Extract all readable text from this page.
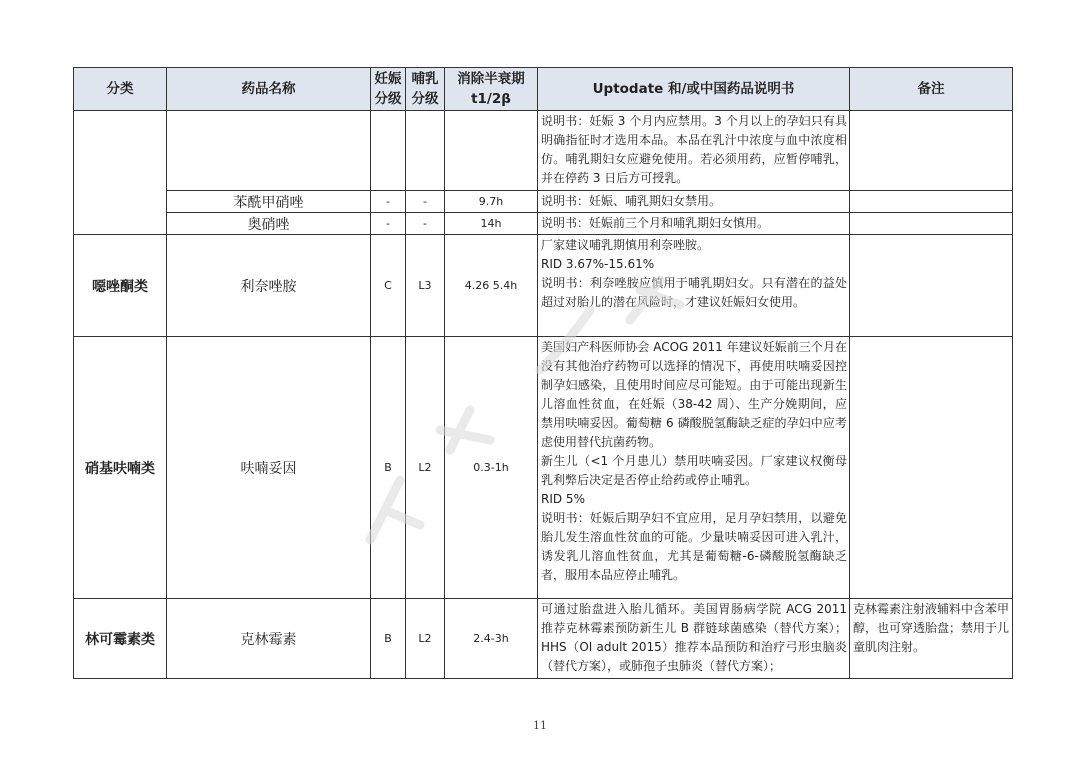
分类	药品名称	妊娠分级	哺乳分级	消除半衰期
t1/2β	Uptodate 和/或中国药品说明书	备注

					说明书：妊娠 3 个月内应禁用。3 个月以上的孕妇只有具明确指征时才选用本品。本品在乳汁中浓度与血中浓度相仿。哺乳期妇女应避免使用。若必须用药，应暂停哺乳，并在停药 3 日后方可授乳。	

	苯酰甲硝唑	-	-	9.7h	说明书：妊娠、哺乳期妇女禁用。	

	奥硝唑	-	-	14h	说明书：妊娠前三个月和哺乳期妇女慎用。	

噁唑酮类	利奈唑胺	C	L3	4.26 5.4h	厂家建议哺乳期慎用利奈唑胺。

RID 3.67%-15.61%

说明书：利奈唑胺应慎用于哺乳期妇女。只有潜在的益处超过对胎儿的潜在风险时，才建议妊娠妇女使用。	

硝基呋喃类	呋喃妥因	B	L2	0.3-1h	美国妇产科医师协会 ACOG 2011 年建议妊娠前三个月在没有其他治疗药物可以选择的情况下，再使用呋喃妥因控制孕妇感染，且使用时间应尽可能短。由于可能出现新生儿溶血性贫血，在妊娠（38-42 周）、生产分娩期间，应禁用呋喃妥因。葡萄糖 6 磷酸脱氢酶缺乏症的孕妇中应考虑使用替代抗菌药物。

新生儿（<1 个月患儿）禁用呋喃妥因。厂家建议权衡母乳利弊后决定是否停止给药或停止哺乳。

RID 5%

说明书：妊娠后期孕妇不宜应用，足月孕妇禁用，以避免胎儿发生溶血性贫血的可能。少量呋喃妥因可进入乳汁，诱发乳儿溶血性贫血，尤其是葡萄糖-6-磷酸脱氢酶缺乏者，服用本品应停止哺乳。	

林可霉素类	克林霉素	B	L2	2.4-3h	可通过胎盘进入胎儿循环。美国胃肠病学院 ACG 2011 推荐克林霉素预防新生儿 B 群链球菌感染（替代方案）；HHS（OI adult 2015）推荐本品预防和治疗弓形虫脑炎（替代方案），或肺孢子虫肺炎（替代方案）；	克林霉素注射液辅料中含苯甲醇，也可穿透胎盘；禁用于儿童肌肉注射。
11
